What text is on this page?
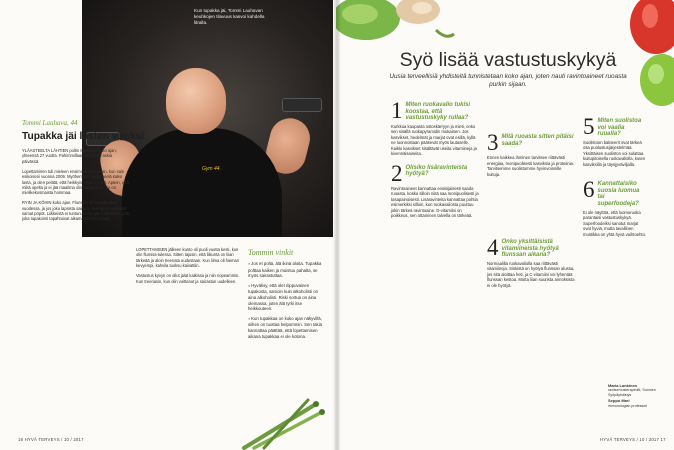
Gym 44
Kun tupakka jäi, Tommi Lauhavan keuhkojen tilavuus kasvoi kahdella litralla.
Tommi Lauhava, 44
Tupakka jäi lasten vuoksi

YLÄASTEELTA LÄHTIEN poltin tupakkaa koko ajan, yhteensä 27 vuotta. Pahimmillaan meni pari askia päivässä.

Lopettaminen tuli mieleen ensimmäisen kerran, kun sain esikoiseni vuonna 2009. Myöhemmin synnyi vielä kaksi lasta, ja olen pelätä, että heikkyisi, nyks pelätä. Aptein, että mikä opelta ja ei jää maailma olisi tupakoinut. Se on mielikekosmaista hommaa.

RYIN JA KÖHIN koko ajan. Flunssia oli montakertaa vuodessa, ja jos joku lapsista sairasti, sain aivan varmasti samat pöpöt. Liikkeistä ei tuntunut missään kahvilasta, sillä joka tupakointi tapahtuivat aikamaisen kerrallaan.

LOPETTAMISEN jälkeen kunto oli puoli vuotta kesti, kun olin flunssa-tulessa. Sitten tajusin, että liikunta on liian tärkeää ja aloin treenata uudestaan. Kun liima oli hieman kevyempi, kahvila tuoksu kaivattiin.

Vastustus kyvyn on ollut jalat kaikissa ja niin nopeammin. Kun treenasin, kun olin voittanut ja sairastun uudelleen.

Tommin vinkit
● Jos et polta, älä ikinä aloita. Tupakka polttaa kaiken ja muistuu pahalta, se myös sairastuttaa.
● Hyväksy, että olet riippuvainen tupakosta, samoin kuin alkoholisti on aina alkoholisti. Riski sortua on aina olemassa, joten älä tyrki itse heikkouteen.
● Kun tupakkaa on koko ajan näkyvillä, siihen on tuottaa helpommin. Sen takia kannattaa päättää, että lopettamisen aikana tupakkaa ei ole kotona.
16 HYVÄ TERVEYS / 10 / 2017
Syö lisää vastustuskykyä
Uusia terveellisiä yhdisteitä tunnistetaan koko ajan, joten nauti ravintoaineet ruoasta purkin sijaan.
1 Miten ruokavalio tukisi koostaa, että vastustuskyky rullaa?

Kurkkua kaupasta ostoskärryyn ja mieti, onko sen sisällä ruokapyramidin mukainen. Jos kasvikset, hedelmät ja marjat ovat esillä, kyllä ne luonnostaan pääsevät myös lautaselle. Kaikki kasvikset sisältävät useita vitamiineja ja kivennäisaineita.

2 Olisiko lisäravinteista hyötyä?

Ravintoaineet kannattaa ensisijaisesti saada ruoasta, koska silloin niitä saa monipuolisesti ja tasapainoisesti. Lisäravinteita kannattaa pohtia esimerkiksi silloin, kun ruokavaliosta puuttuu jokin tärkeä ravintoaine. D-vitamiini on poikkeus, sen ottaminen talvella on tärkeää.

3 Mitä ruoasta sitten pitäisi saada?

Ennen kaikkea ihminen tarvitsee riittävästi energiaa, monipuolisesti kasviksia ja proteiinia. Tarvitsemme suolistomme hyvinvoinnille kuituja.

4 Onko yksittäisistä vitamiineista hyötyä flunssan aikana?

Normaalilla ruokavaliolla saa riittävästi vitamiineja. Sinkistä on hyötyä flunssan alussa, jos sitä aloittaa heti, ja C-vitamiini voi lyhentää flunssan kestoa. Mutta liian suurista annoksista ei ole hyötyä.

5 Miten suolistoa voi vaalia ruualla?

Suolistoon bakteerit ovat tärkeä osa puolustusjärjestelmää. Yksittäisen suoliston voi sulattaa kuitupitoisella ruokavaliolla, kuten kasviksilla ja täysjyväviljalla.

6 Kannattaisiko suosia luomua tai superfoodeja?

Ei ole näyttöä, että luomuruoka parantaisi vastustuskykyä. Superfoodeiksi sanotut marjat ovat hyviä, mutta tavallinen mustikka on yhtä hyvä vaihtoehto.

Maria Lankinen
ravitsemusterapeutti, Suomen Syöpäyhdistys
Seppo Mari
immunologian professori
HYVÄ TERVEYS / 10 / 2017 17
